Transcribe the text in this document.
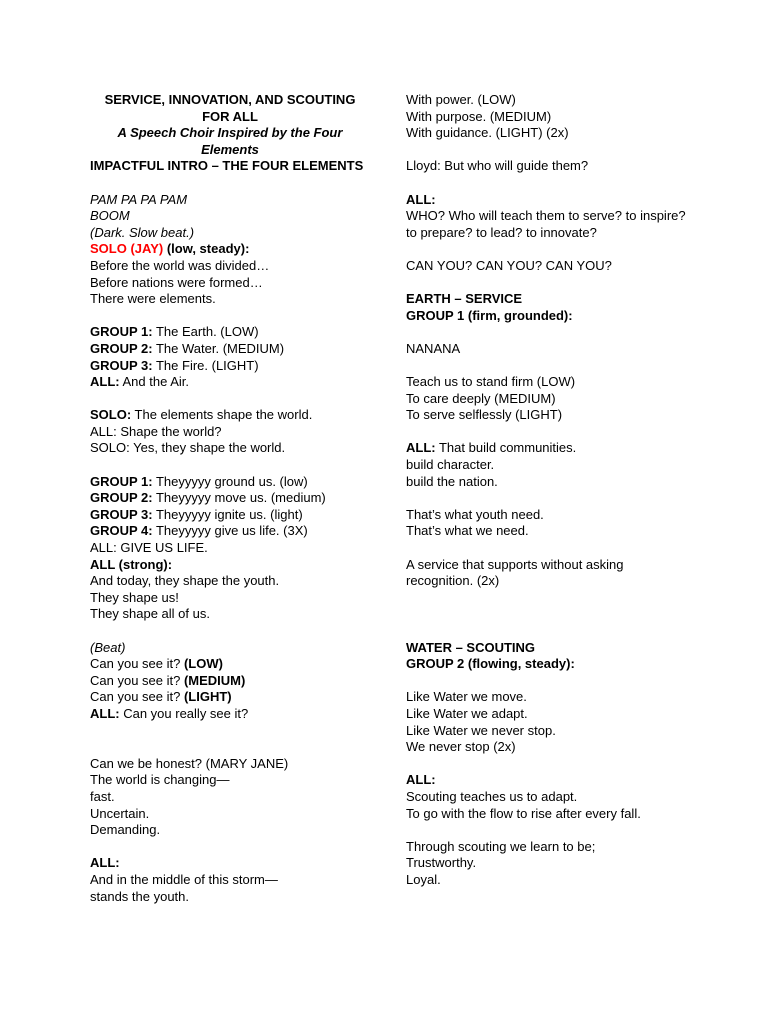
SERVICE, INNOVATION, AND SCOUTING FOR ALL
A Speech Choir Inspired by the Four Elements
IMPACTFUL INTRO – THE FOUR ELEMENTS
PAM PA PA PAM
BOOM
(Dark. Slow beat.)
SOLO (JAY) (low, steady):
Before the world was divided…
Before nations were formed…
There were elements.
GROUP 1: The Earth. (LOW)
GROUP 2: The Water. (MEDIUM)
GROUP 3: The Fire. (LIGHT)
ALL: And the Air.
SOLO: The elements shape the world.
ALL: Shape the world?
SOLO: Yes, they shape the world.
GROUP 1: Theyyyyy ground us. (low)
GROUP 2: Theyyyyy move us. (medium)
GROUP 3: Theyyyyy ignite us. (light)
GROUP 4: Theyyyyy give us life. (3X)
ALL: GIVE US LIFE.
ALL (strong):
And today, they shape the youth.
They shape us!
They shape all of us.
(Beat)
Can you see it? (LOW)
Can you see it? (MEDIUM)
Can you see it? (LIGHT)
ALL: Can you really see it?
Can we be honest? (MARY JANE)
The world is changing—
fast.
Uncertain.
Demanding.
ALL:
And in the middle of this storm—
stands the youth.
With power. (LOW)
With purpose. (MEDIUM)
With guidance. (LIGHT) (2x)
Lloyd: But who will guide them?
ALL:
WHO? Who will teach them to serve? to inspire?
to prepare? to lead? to innovate?
CAN YOU? CAN YOU? CAN YOU?
EARTH – SERVICE
GROUP 1 (firm, grounded):
NANANA
Teach us to stand firm (LOW)
To care deeply (MEDIUM)
To serve selflessly (LIGHT)
ALL: That build communities.
build character.
build the nation.
That’s what youth need.
That’s what we need.
A service that supports without asking
recognition. (2x)
WATER – SCOUTING
GROUP 2 (flowing, steady):
Like Water we move.
Like Water we adapt.
Like Water we never stop.
We never stop (2x)
ALL:
Scouting teaches us to adapt.
To go with the flow to rise after every fall.
Through scouting we learn to be;
Trustworthy.
Loyal.
